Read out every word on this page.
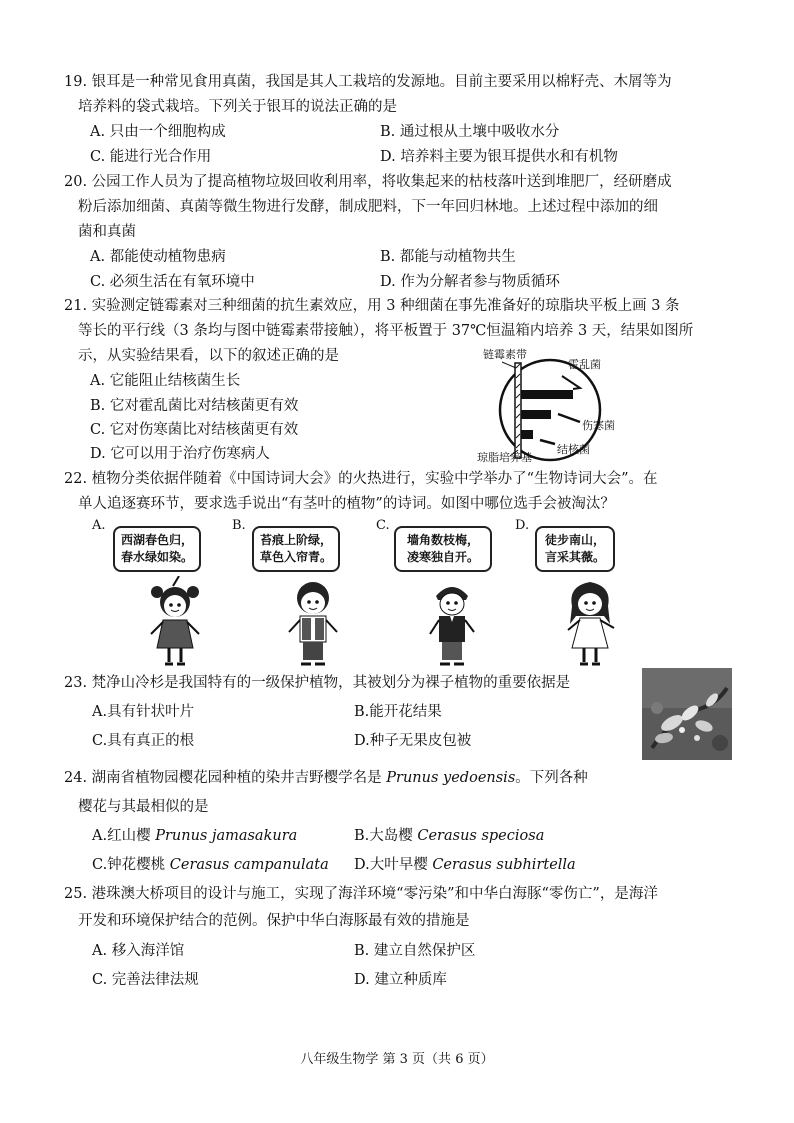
19. 银耳是一种常见食用真菌，我国是其人工栽培的发源地。目前主要采用以棉籽壳、木屑等为
培养料的袋式栽培。下列关于银耳的说法正确的是
A. 只由一个细胞构成	B. 通过根从土壤中吸收水分
C. 能进行光合作用	D. 培养料主要为银耳提供水和有机物
20. 公园工作人员为了提高植物垃圾回收利用率，将收集起来的枯枝落叶送到堆肥厂，经研磨成
粉后添加细菌、真菌等微生物进行发酵，制成肥料，下一年回归林地。上述过程中添加的细
菌和真菌
A. 都能使动植物患病	B. 都能与动植物共生
C. 必须生活在有氧环境中	D. 作为分解者参与物质循环
21. 实验测定链霉素对三种细菌的抗生素效应，用 3 种细菌在事先准备好的琼脂块平板上画 3 条
等长的平行线（3 条均与图中链霉素带接触），将平板置于 37℃恒温箱内培养 3 天，结果如图所
示，从实验结果看，以下的叙述正确的是
A. 它能阻止结核菌生长
B. 它对霍乱菌比对结核菌更有效
C. 它对伤寒菌比对结核菌更有效
D. 它可以用于治疗伤寒病人
链霉素带
霍乱菌
伤寒菌
结核菌
琼脂培养基
22. 植物分类依据伴随着《中国诗词大会》的火热进行，实验中学举办了“生物诗词大会”。在
单人追逐赛环节，要求选手说出“有茎叶的植物”的诗词。如图中哪位选手会被淘汰？
A.
西湖春色归，
春水绿如染。
B.
苔痕上阶绿，
草色入帘青。
C.
墙角数枝梅，
凌寒独自开。
D.
徒步南山，
言采其薇。
23. 梵净山冷杉是我国特有的一级保护植物，其被划分为裸子植物的重要依据是
A.具有针状叶片	B.能开花结果
C.具有真正的根	D.种子无果皮包被
24. 湖南省植物园樱花园种植的染井吉野樱学名是 Prunus yedoensis。下列各种
樱花与其最相似的是
A.红山樱 Prunus jamasakura	B.大岛樱 Cerasus speciosa
C.钟花樱桃 Cerasus campanulata D.大叶早樱 Cerasus subhirtella
25. 港珠澳大桥项目的设计与施工，实现了海洋环境“零污染”和中华白海豚“零伤亡”，是海洋
开发和环境保护结合的范例。保护中华白海豚最有效的措施是
A. 移入海洋馆	B. 建立自然保护区
C. 完善法律法规	D. 建立种质库
八年级生物学 第 3 页（共 6 页）
